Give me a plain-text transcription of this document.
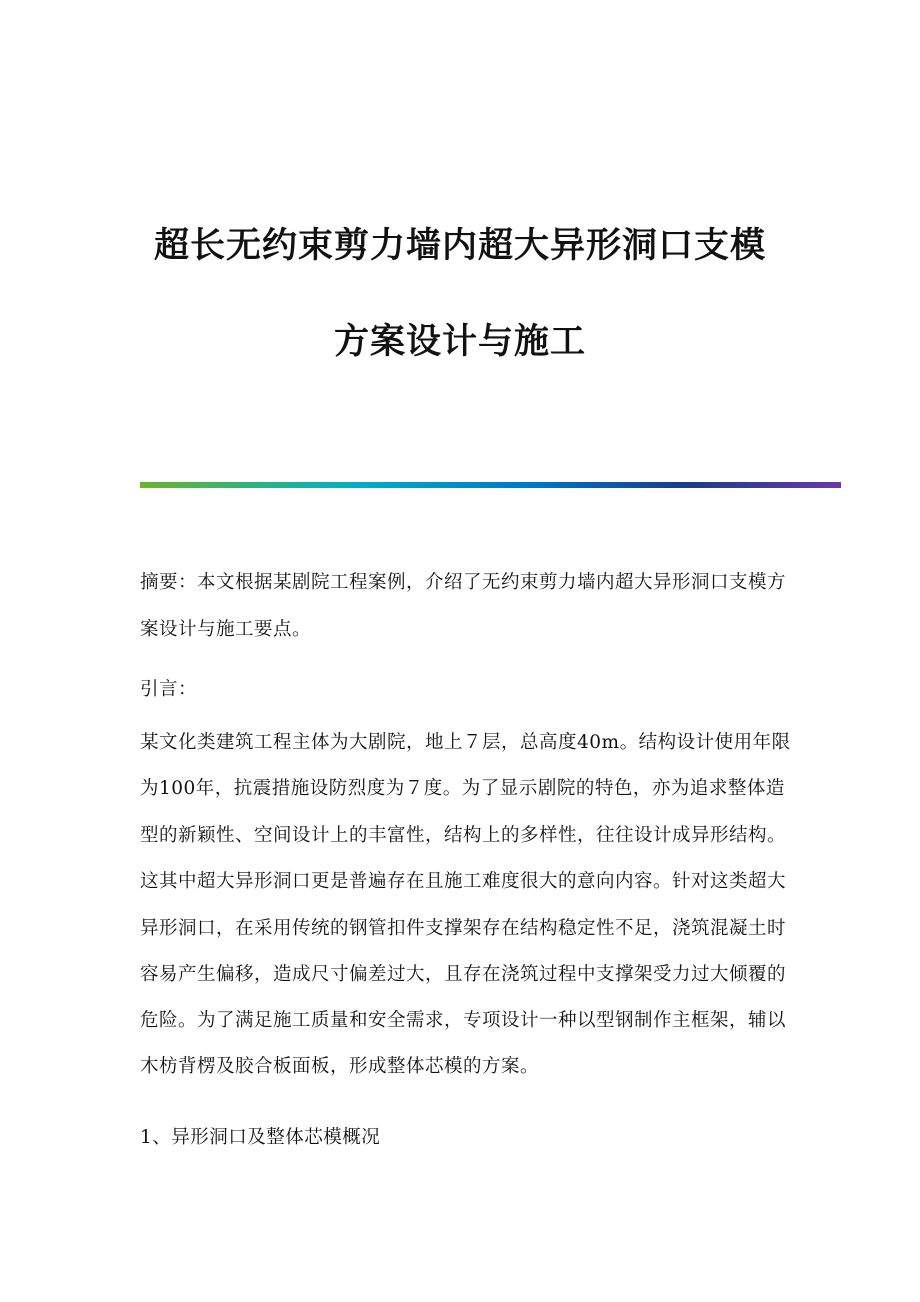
超长无约束剪力墙内超大异形洞口支模
方案设计与施工
摘要：本文根据某剧院工程案例，介绍了无约束剪力墙内超大异形洞口支模方
案设计与施工要点。
引言：
某文化类建筑工程主体为大剧院，地上７层，总高度40m。结构设计使用年限
为100年，抗震措施设防烈度为７度。为了显示剧院的特色，亦为追求整体造
型的新颖性、空间设计上的丰富性，结构上的多样性，往往设计成异形结构。
这其中超大异形洞口更是普遍存在且施工难度很大的意向内容。针对这类超大
异形洞口，在采用传统的钢管扣件支撑架存在结构稳定性不足，浇筑混凝土时
容易产生偏移，造成尺寸偏差过大，且存在浇筑过程中支撑架受力过大倾覆的
危险。为了满足施工质量和安全需求，专项设计一种以型钢制作主框架，辅以
木枋背楞及胶合板面板，形成整体芯模的方案。
1、异形洞口及整体芯模概况
